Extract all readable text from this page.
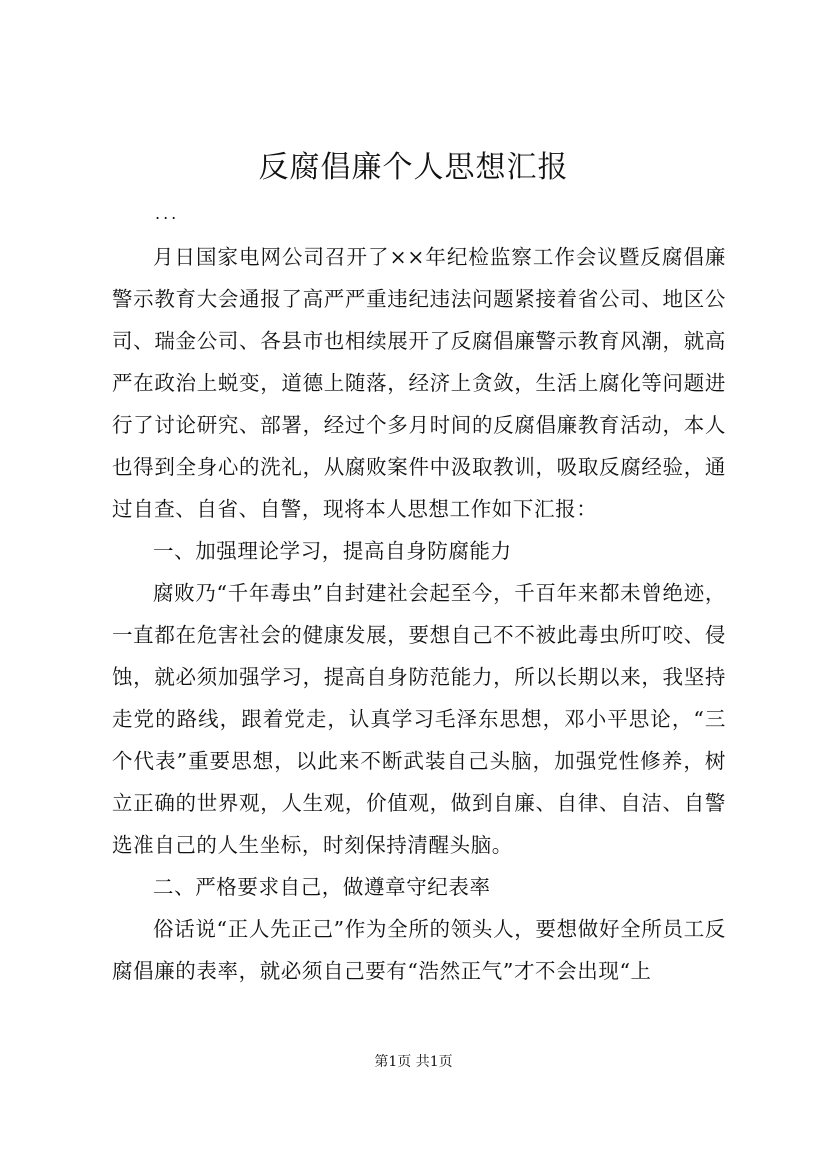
反腐倡廉个人思想汇报
...

月日国家电网公司召开了××年纪检监察工作会议暨反腐倡廉警示教育大会通报了高严严重违纪违法问题紧接着省公司、地区公司、瑞金公司、各县市也相续展开了反腐倡廉警示教育风潮，就高严在政治上蜕变，道德上随落，经济上贪敛，生活上腐化等问题进行了讨论研究、部署，经过个多月时间的反腐倡廉教育活动，本人也得到全身心的洗礼，从腐败案件中汲取教训，吸取反腐经验，通过自查、自省、自警，现将本人思想工作如下汇报：

一、加强理论学习，提高自身防腐能力

腐败乃“千年毒虫”自封建社会起至今，千百年来都未曾绝迹，一直都在危害社会的健康发展，要想自己不不被此毒虫所叮咬、侵蚀，就必须加强学习，提高自身防范能力，所以长期以来，我坚持走党的路线，跟着党走，认真学习毛泽东思想，邓小平思论，“三个代表”重要思想，以此来不断武装自己头脑，加强党性修养，树立正确的世界观，人生观，价值观，做到自廉、自律、自洁、自警选准自己的人生坐标，时刻保持清醒头脑。

二、严格要求自己，做遵章守纪表率

俗话说“正人先正己”作为全所的领头人，要想做好全所员工反腐倡廉的表率，就必须自己要有“浩然正气”才不会出现“上

第1页 共1页
